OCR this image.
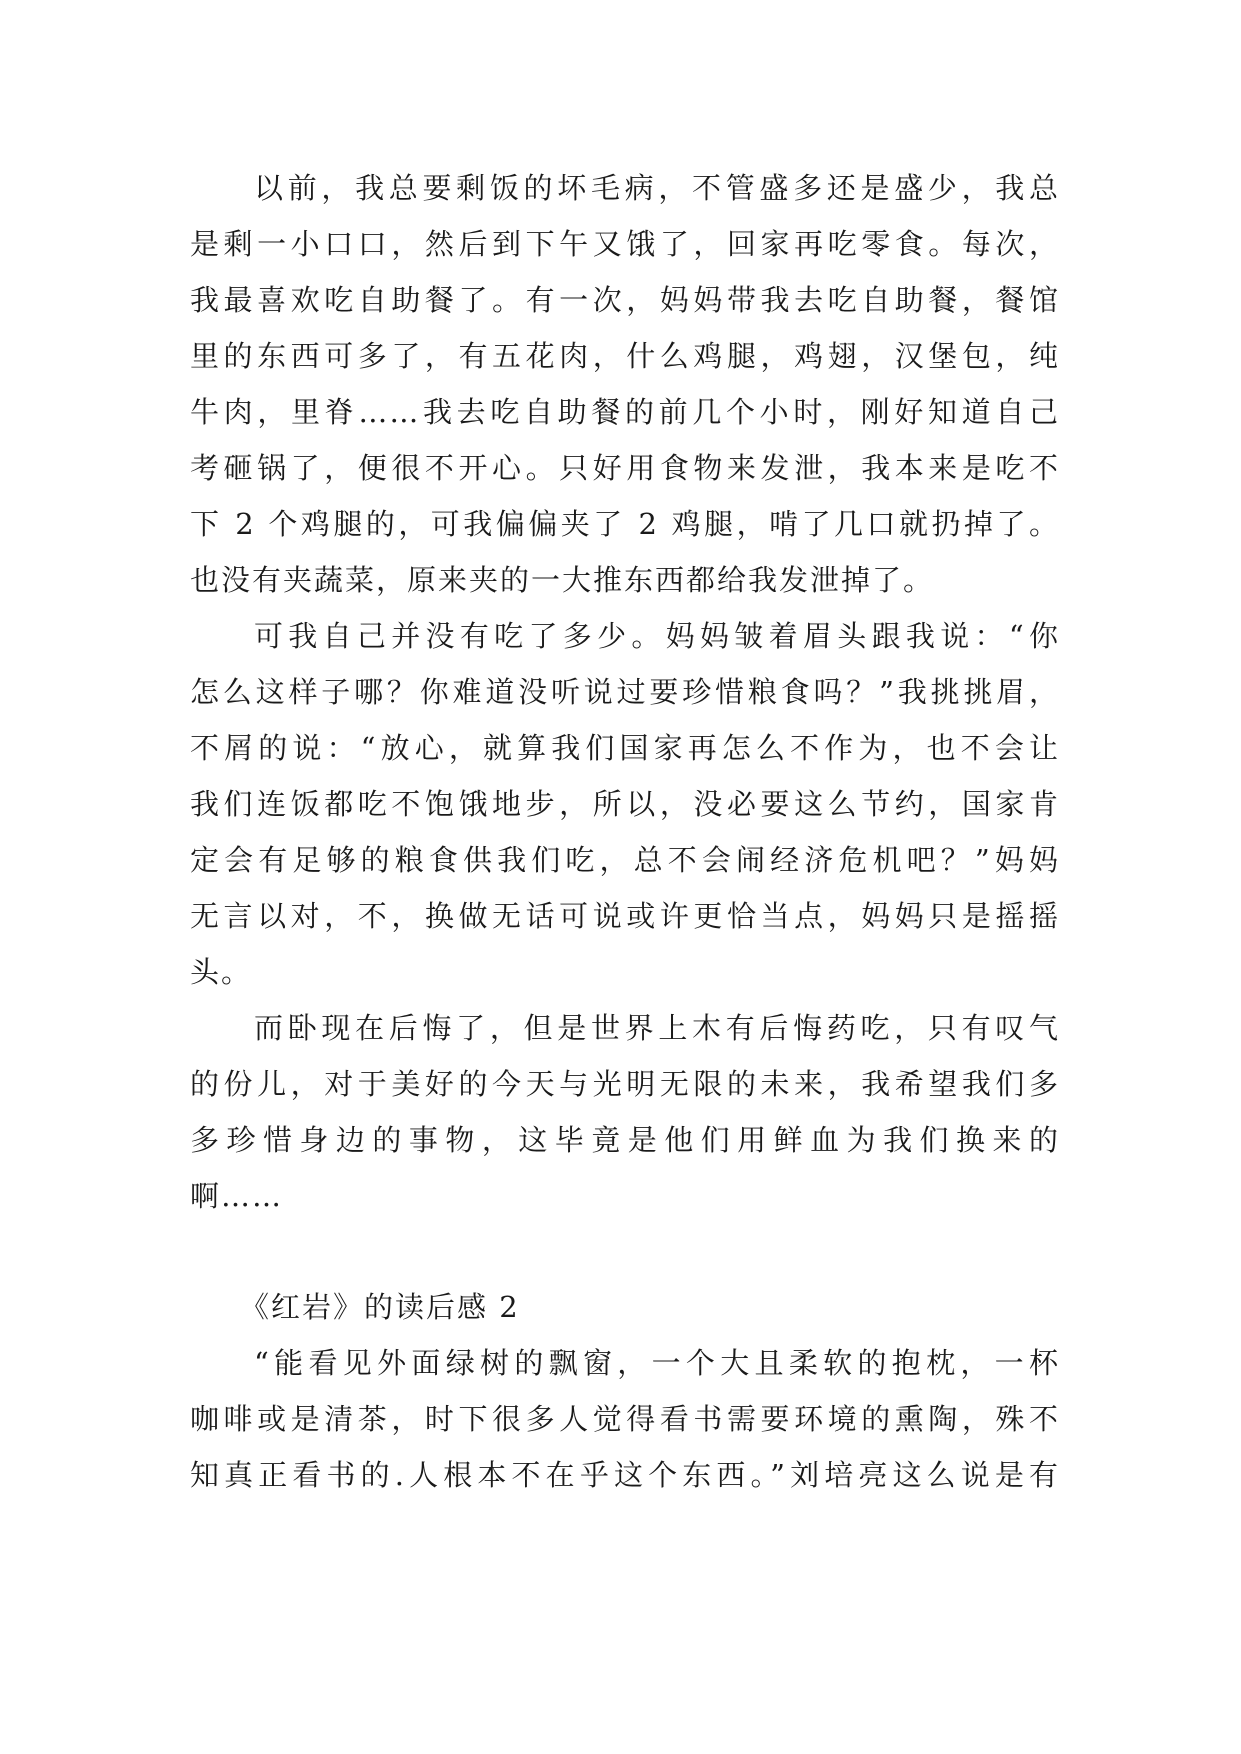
以前，我总要剩饭的坏毛病，不管盛多还是盛少，我总
是剩一小口口，然后到下午又饿了，回家再吃零食。每次，
我最喜欢吃自助餐了。有一次，妈妈带我去吃自助餐，餐馆
里的东西可多了，有五花肉，什么鸡腿，鸡翅，汉堡包，纯
牛肉，里脊……我去吃自助餐的前几个小时，刚好知道自己
考砸锅了，便很不开心。只好用食物来发泄，我本来是吃不
下 2 个鸡腿的，可我偏偏夹了 2 鸡腿，啃了几口就扔掉了。
也没有夹蔬菜，原来夹的一大推东西都给我发泄掉了。
可我自己并没有吃了多少。妈妈皱着眉头跟我说：“你
怎么这样子哪？你难道没听说过要珍惜粮食吗？”我挑挑眉，
不屑的说：“放心，就算我们国家再怎么不作为，也不会让
我们连饭都吃不饱饿地步，所以，没必要这么节约，国家肯
定会有足够的粮食供我们吃，总不会闹经济危机吧？”妈妈
无言以对，不，换做无话可说或许更恰当点，妈妈只是摇摇
头。
而卧现在后悔了，但是世界上木有后悔药吃，只有叹气
的份儿，对于美好的今天与光明无限的未来，我希望我们多
多珍惜身边的事物，这毕竟是他们用鲜血为我们换来的
啊……
《红岩》的读后感 2
“能看见外面绿树的飘窗，一个大且柔软的抱枕，一杯
咖啡或是清茶，时下很多人觉得看书需要环境的熏陶，殊不
知真正看书的.人根本不在乎这个东西。”刘培亮这么说是有
